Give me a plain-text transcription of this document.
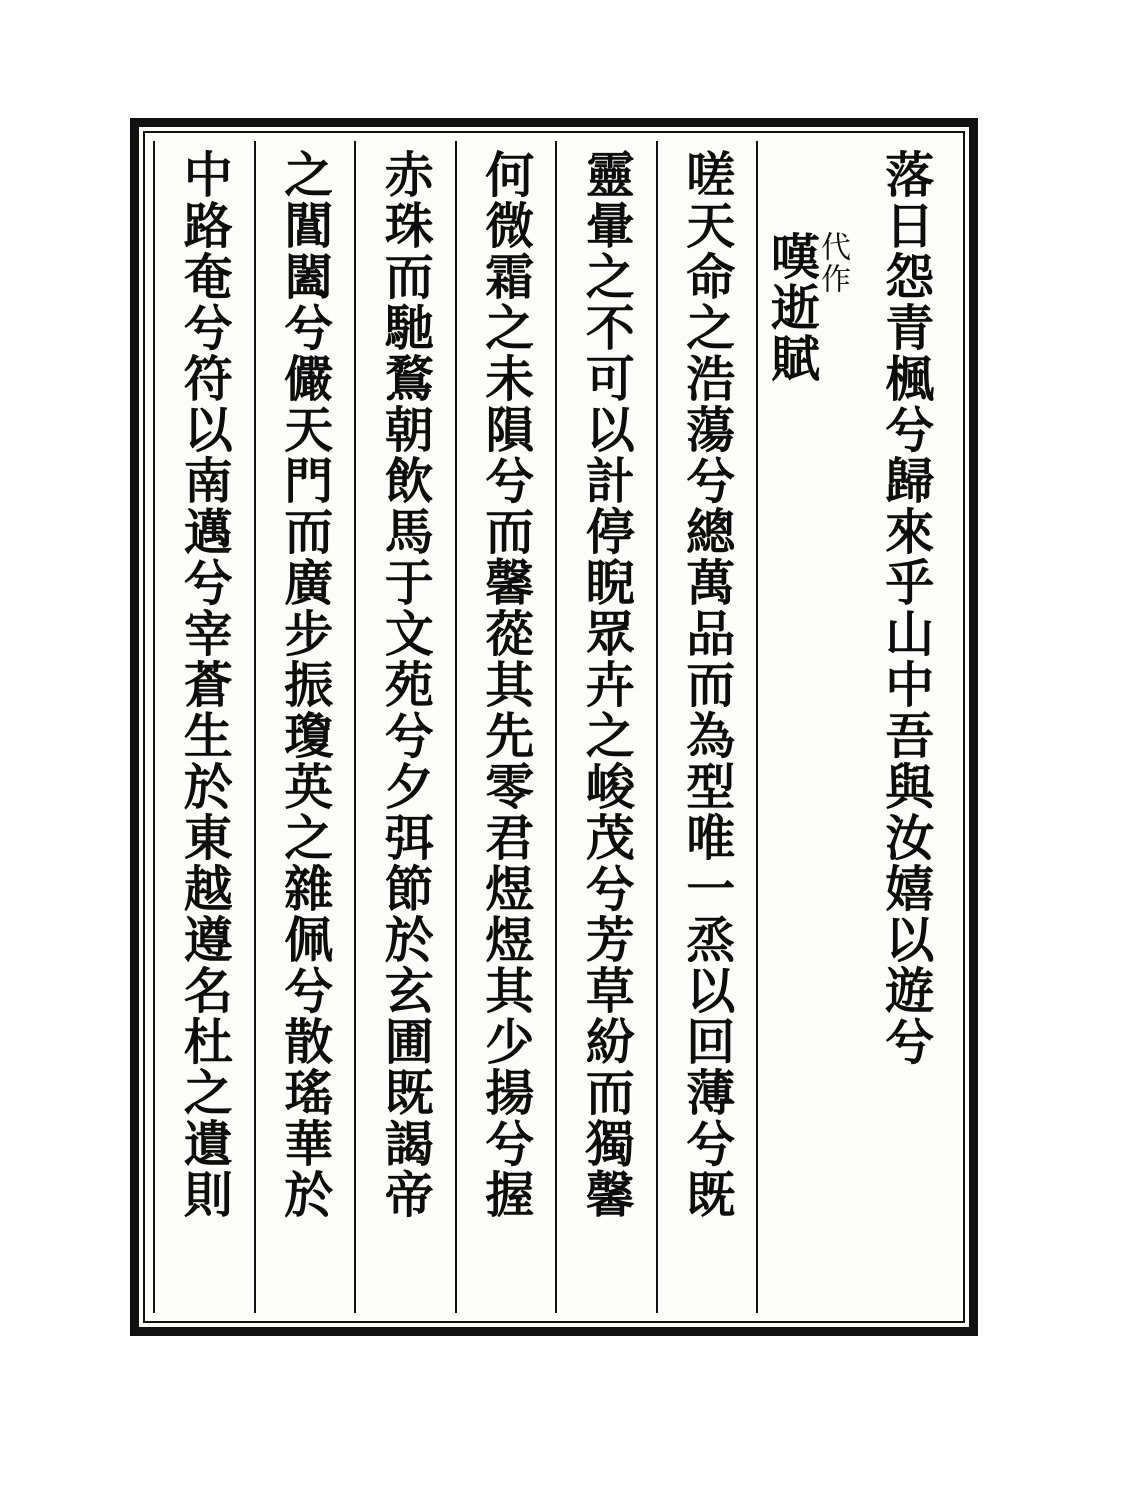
落日怨青楓兮歸來乎山中吾與汝嬉以遊兮
嘆逝賦
代作
嗟天命之浩蕩兮總萬品而為型唯一烝以回薄兮既
靈暈之不可以計停睨眾卉之峻茂兮芳草紛而獨馨
何微霜之未隕兮而馨蓯其先零君煜煜其少揚兮握
赤珠而馳鶩朝飲馬于文苑兮夕弭節於玄圃既謁帝
之閶闔兮儼天門而廣步振瓊英之雜佩兮散瑤華於
中路奄兮符以南邁兮宰蒼生於東越遵名杜之遺則
